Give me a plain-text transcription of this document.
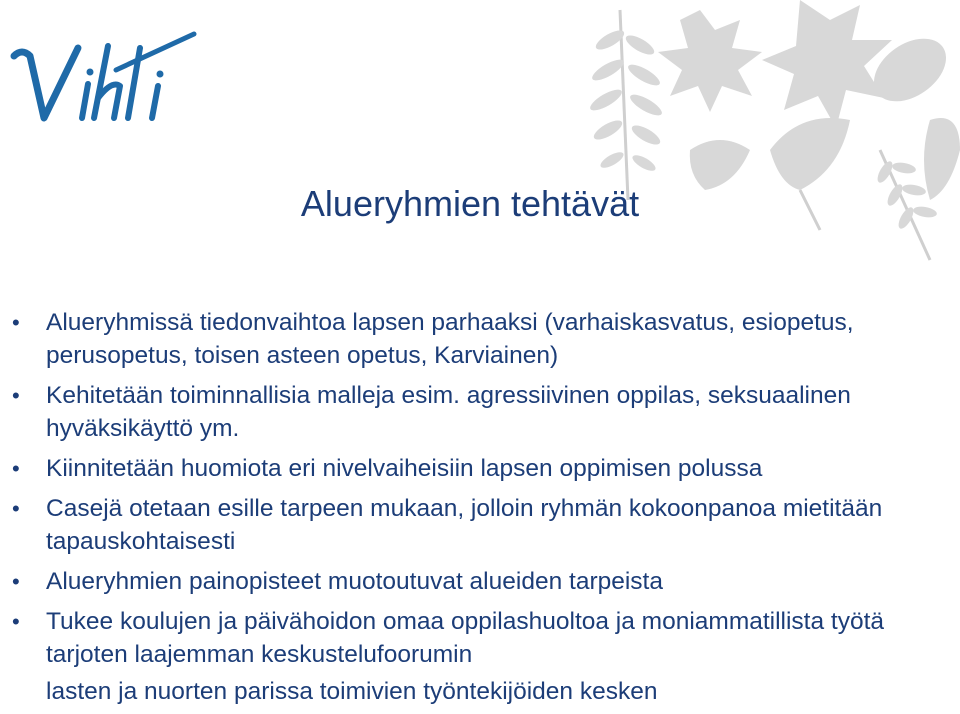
Alueryhmien tehtävät
•	Alueryhmissä tiedonvaihtoa lapsen parhaaksi (varhaiskasvatus, esiopetus, perusopetus, toisen asteen opetus, Karviainen)
•	Kehitetään toiminnallisia malleja esim. agressiivinen oppilas, seksuaalinen hyväksikäyttö ym.
•	Kiinnitetään huomiota eri nivelvaiheisiin lapsen oppimisen polussa
•	Casejä otetaan esille tarpeen mukaan, jolloin ryhmän kokoonpanoa mietitään tapauskohtaisesti
•	Alueryhmien painopisteet muotoutuvat alueiden tarpeista
•	Tukee koulujen ja päivähoidon omaa oppilashuoltoa ja moniammatillista työtä tarjoten laajemman keskustelufoorumin
lasten ja nuorten parissa toimivien työntekijöiden kesken
